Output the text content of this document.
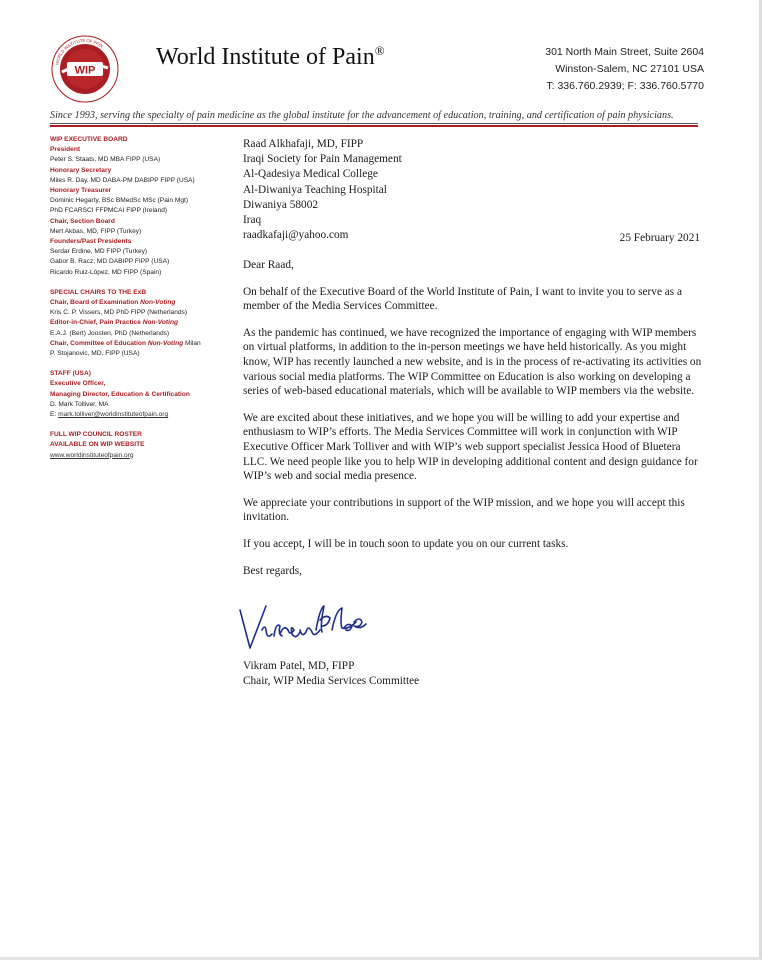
WIP
WORLD INSTITUTE OF PAIN World Institute of Pain®	301 North Main Street, Suite 2604
Winston-Salem, NC 27101 USA
T: 336.760.2939; F: 336.760.5770
Since 1993, serving the specialty of pain medicine as the global institute for the advancement of education, training, and certification of pain physicians.
WIP EXECUTIVE BOARD
President
Peter S. Staats, MD MBA FIPP (USA)
Honorary Secretary
Miles R. Day, MD DABA-PM DABIPP FIPP (USA)
Honorary Treasurer
Dominic Hegarty, BSc BMedSc MSc (Pain Mgt)
PhD FCARSCI FFPMCAI FIPP (Ireland)
Chair, Section Board
Mert Akbas, MD, FIPP (Turkey)
Founders/Past Presidents
Serdar Erdine, MD FIPP (Turkey)
Gabor B. Racz, MD DABIPP FIPP (USA)
Ricardo Ruiz-López, MD FIPP (Spain)
SPECIAL CHAIRS TO THE ExB
Chair, Board of Examination Non-Voting
Kris C. P. Vissers, MD PhD FIPP (Netherlands)
Editor-in-Chief, Pain Practice Non-Voting
E.A.J. (Bert) Joosten, PhD (Netherlands)
Chair, Committee of Education Non-Voting Milan
P. Stojanovic, MD, FIPP (USA)
STAFF (USA)
Executive Officer,
Managing Director, Education & Certification
D. Mark Tolliver, MA
E: mark.tolliver@worldinstituteofpain.org
FULL WIP COUNCIL ROSTER
AVAILABLE ON WIP WEBSITE
www.worldinstituteofpain.org
Raad Alkhafaji, MD, FIPP
Iraqi Society for Pain Management
Al-Qadesiya Medical College
Al-Diwaniya Teaching Hospital
Diwaniya 58002
Iraq
raadkafaji@yahoo.com	25 February 2021

Dear Raad,

On behalf of the Executive Board of the World Institute of Pain, I want to invite you to serve as a member of the Media Services Committee.

As the pandemic has continued, we have recognized the importance of engaging with WIP members on virtual platforms, in addition to the in-person meetings we have held historically. As you might know, WIP has recently launched a new website, and is in the process of re-activating its activities on various social media platforms. The WIP Committee on Education is also working on developing a series of web-based educational materials, which will be available to WIP members via the website.

We are excited about these initiatives, and we hope you will be willing to add your expertise and enthusiasm to WIP’s efforts. The Media Services Committee will work in conjunction with WIP Executive Officer Mark Tolliver and with WIP’s web support specialist Jessica Hood of Bluetera LLC. We need people like you to help WIP in developing additional content and design guidance for WIP’s web and social media presence.

We appreciate your contributions in support of the WIP mission, and we hope you will accept this invitation.

If you accept, I will be in touch soon to update you on our current tasks.

Best regards,

Vikram Patel, MD, FIPP
Chair, WIP Media Services Committee
